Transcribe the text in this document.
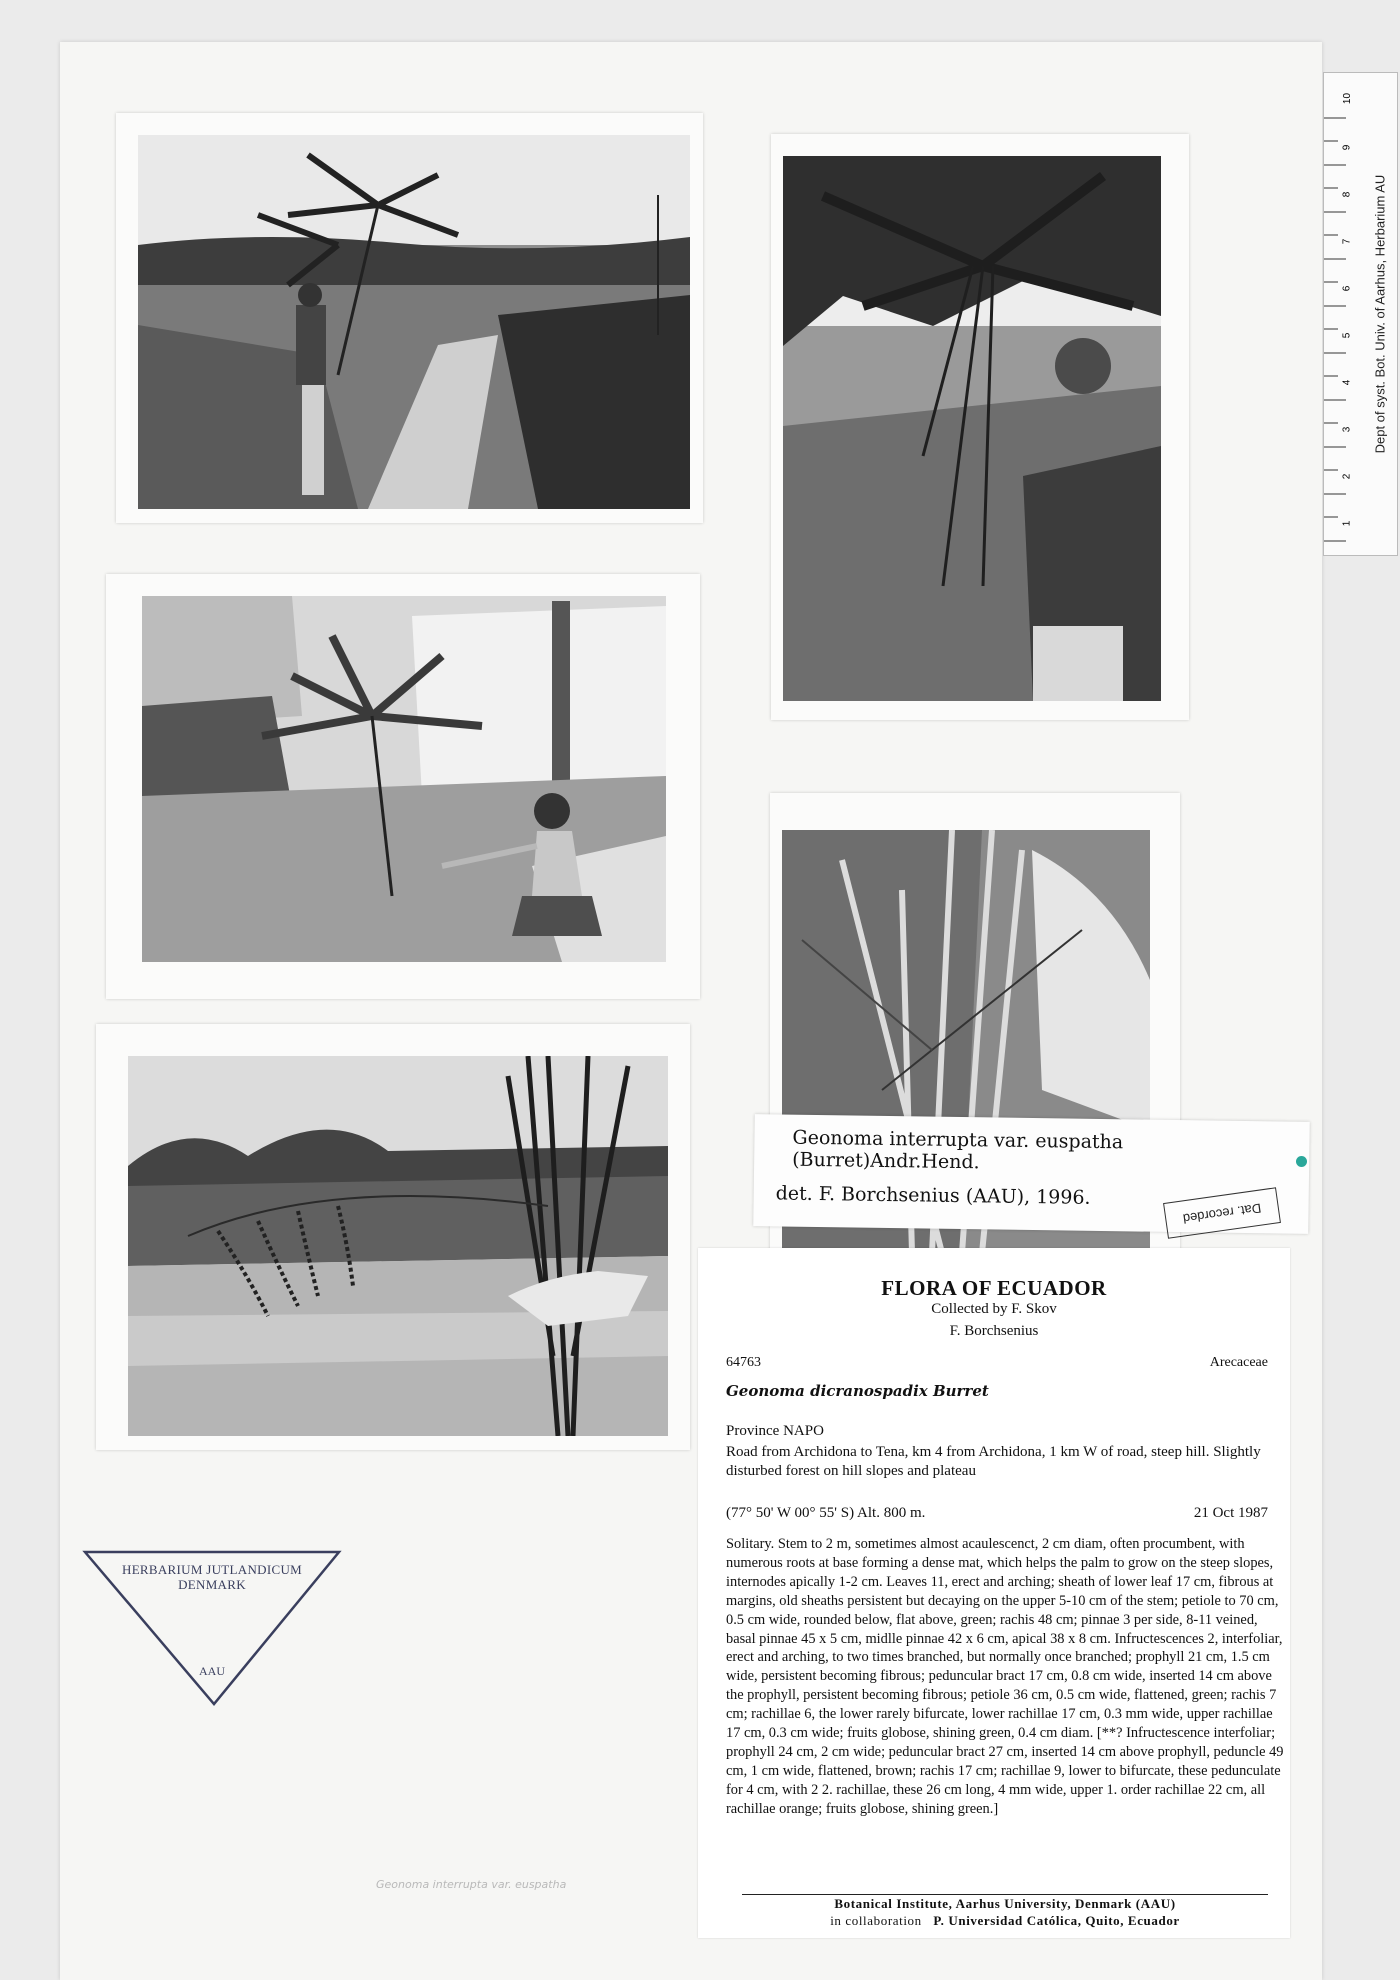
1
2
3
4
5
6
7
8
9
10
Dept of syst. Bot. Univ. of Aarhus, Herbarium AU
Geonoma interrupta var. euspatha (Burret)Andr.Hend.
det. F. Borchsenius (AAU), 1996.
Dat. recorded
FLORA OF ECUADOR
Collected by F. Skov
F. Borchsenius
64763	Arecaceae
Geonoma dicranospadix Burret
Province NAPO
Road from Archidona to Tena, km 4 from Archidona, 1 km W of road, steep hill. Slightly disturbed forest on hill slopes and plateau
(77° 50' W 00° 55' S) Alt. 800 m.	21 Oct 1987
Solitary. Stem to 2 m, sometimes almost acaulescenct, 2 cm diam, often procumbent, with numerous roots at base forming a dense mat, which helps the palm to grow on the steep slopes, internodes apically 1-2 cm. Leaves 11, erect and arching; sheath of lower leaf 17 cm, fibrous at margins, old sheaths persistent but decaying on the upper 5-10 cm of the stem; petiole to 70 cm, 0.5 cm wide, rounded below, flat above, green; rachis 48 cm; pinnae 3 per side, 8-11 veined, basal pinnae 45 x 5 cm, midlle pinnae 42 x 6 cm, apical 38 x 8 cm. Infructescences 2, interfoliar, erect and arching, to two times branched, but normally once branched; prophyll 21 cm, 1.5 cm wide, persistent becoming fibrous; peduncular bract 17 cm, 0.8 cm wide, inserted 14 cm above the prophyll, persistent becoming fibrous; petiole 36 cm, 0.5 cm wide, flattened, green; rachis 7 cm; rachillae 6, the lower rarely bifurcate, lower rachillae 17 cm, 0.3 mm wide, upper rachillae 17 cm, 0.3 cm wide; fruits globose, shining green, 0.4 cm diam. [**? Infructescence interfoliar; prophyll 24 cm, 2 cm wide; peduncular bract 27 cm, inserted 14 cm above prophyll, peduncle 49 cm, 1 cm wide, flattened, brown; rachis 17 cm; rachillae 9, lower to bifurcate, these pedunculate for 4 cm, with 2 2. rachillae, these 26 cm long, 4 mm wide, upper 1. order rachillae 22 cm, all rachillae orange; fruits globose, shining green.]
Botanical Institute, Aarhus University, Denmark (AAU)
in collaboration P. Universidad Católica, Quito, Ecuador
HERBARIUM JUTLANDICUM
DENMARK
AAU
Geonoma interrupta var. euspatha
